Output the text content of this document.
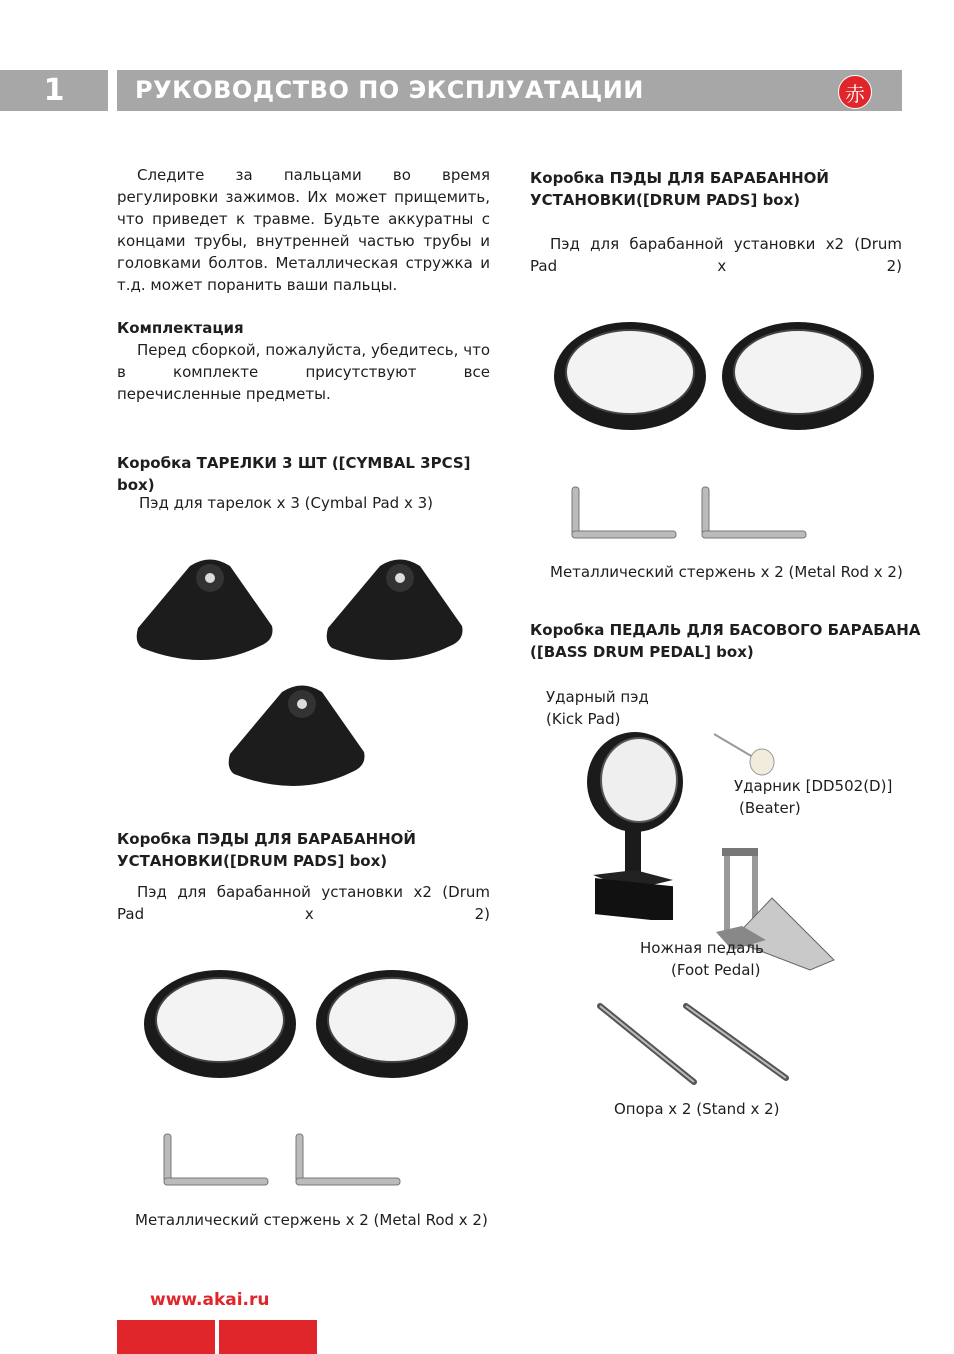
1	РУКОВОДСТВО ПО ЭКСПЛУАТАЦИИ	赤
Следите за пальцами во время регулировки зажимов. Их может прищемить, что приведет к травме. Будьте аккуратны с концами трубы, внутренней частью трубы и головками болтов. Металлическая стружка и т.д. может поранить ваши пальцы.
Комплектация
Перед сборкой, пожалуйста, убедитесь, что в комплекте присутствуют все перечисленные предметы.
Коробка ТАРЕЛКИ 3 ШТ ([CYMBAL 3PCS] box)
Пэд для тарелок х 3 (Cymbal Pad x 3)
Коробка ПЭДЫ ДЛЯ БАРАБАННОЙ
УСТАНОВКИ([DRUM PADS] box)
Пэд для барабанной установки x2 (Drum Pad x 2)
Металлический стержень x 2 (Metal Rod x 2)
Коробка ПЭДЫ ДЛЯ БАРАБАННОЙ
УСТАНОВКИ([DRUM PADS] box)
Пэд для барабанной установки x2 (Drum Pad x 2)
Металлический стержень x 2 (Metal Rod x 2)
Коробка ПЕДАЛЬ ДЛЯ БАСОВОГО БАРАБАНА
([BASS DRUM PEDAL] box)
Ударный пэд
(Kick Pad)
Ударник [DD502(D)]
(Beater)
Ножная педаль
(Foot Pedal)
Опора x 2 (Stand x 2)
www.akai.ru
